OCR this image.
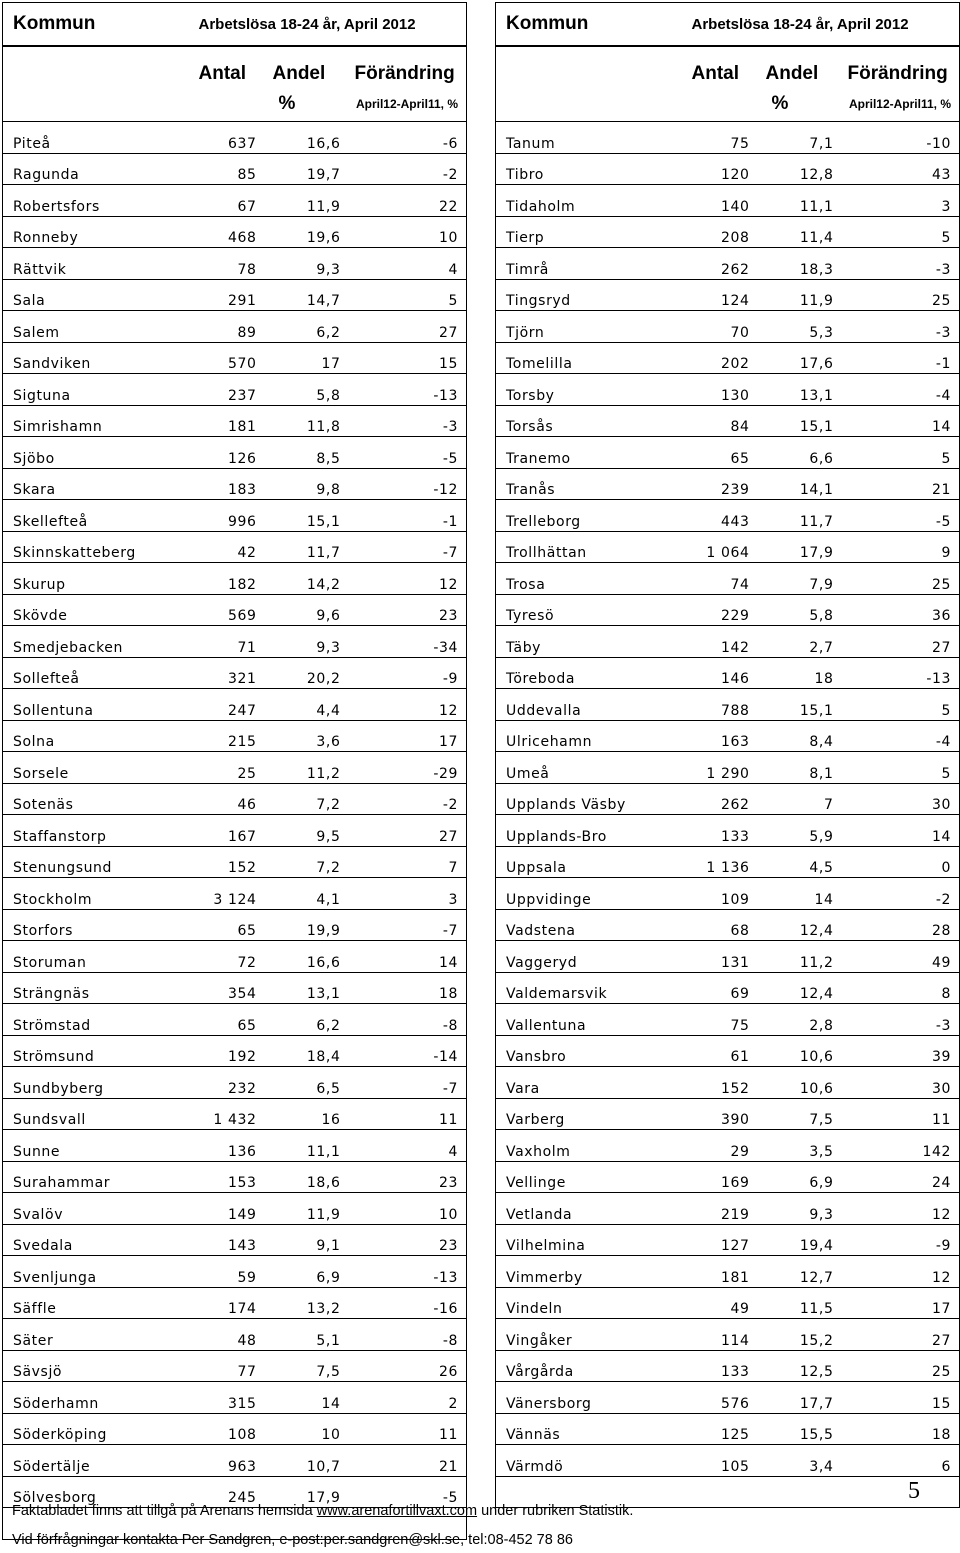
Kommun	Arbetslösa 18-24 år, April 2012		
	Antal	Andel	Förändring
		%	April12-April11, %
Piteå	637	16,6	-6
Ragunda	85	19,7	-2
Robertsfors	67	11,9	22
Ronneby	468	19,6	10
Rättvik	78	9,3	4
Sala	291	14,7	5
Salem	89	6,2	27
Sandviken	570	17	15
Sigtuna	237	5,8	-13
Simrishamn	181	11,8	-3
Sjöbo	126	8,5	-5
Skara	183	9,8	-12
Skellefteå	996	15,1	-1
Skinnskatteberg	42	11,7	-7
Skurup	182	14,2	12
Skövde	569	9,6	23
Smedjebacken	71	9,3	-34
Sollefteå	321	20,2	-9
Sollentuna	247	4,4	12
Solna	215	3,6	17
Sorsele	25	11,2	-29
Sotenäs	46	7,2	-2
Staffanstorp	167	9,5	27
Stenungsund	152	7,2	7
Stockholm	3 124	4,1	3
Storfors	65	19,9	-7
Storuman	72	16,6	14
Strängnäs	354	13,1	18
Strömstad	65	6,2	-8
Strömsund	192	18,4	-14
Sundbyberg	232	6,5	-7
Sundsvall	1 432	16	11
Sunne	136	11,1	4
Surahammar	153	18,6	23
Svalöv	149	11,9	10
Svedala	143	9,1	23
Svenljunga	59	6,9	-13
Säffle	174	13,2	-16
Säter	48	5,1	-8
Sävsjö	77	7,5	26
Söderhamn	315	14	2
Söderköping	108	10	11
Södertälje	963	10,7	21
Sölvesborg	245	17,9	-5

Kommun	Arbetslösa 18-24 år, April 2012		
	Antal	Andel	Förändring
		%	April12-April11, %
Tanum	75	7,1	-10
Tibro	120	12,8	43
Tidaholm	140	11,1	3
Tierp	208	11,4	5
Timrå	262	18,3	-3
Tingsryd	124	11,9	25
Tjörn	70	5,3	-3
Tomelilla	202	17,6	-1
Torsby	130	13,1	-4
Torsås	84	15,1	14
Tranemo	65	6,6	5
Tranås	239	14,1	21
Trelleborg	443	11,7	-5
Trollhättan	1 064	17,9	9
Trosa	74	7,9	25
Tyresö	229	5,8	36
Täby	142	2,7	27
Töreboda	146	18	-13
Uddevalla	788	15,1	5
Ulricehamn	163	8,4	-4
Umeå	1 290	8,1	5
Upplands Väsby	262	7	30
Upplands-Bro	133	5,9	14
Uppsala	1 136	4,5	0
Uppvidinge	109	14	-2
Vadstena	68	12,4	28
Vaggeryd	131	11,2	49
Valdemarsvik	69	12,4	8
Vallentuna	75	2,8	-3
Vansbro	61	10,6	39
Vara	152	10,6	30
Varberg	390	7,5	11
Vaxholm	29	3,5	142
Vellinge	169	6,9	24
Vetlanda	219	9,3	12
Vilhelmina	127	19,4	-9
Vimmerby	181	12,7	12
Vindeln	49	11,5	17
Vingåker	114	15,2	27
Vårgårda	133	12,5	25
Vänersborg	576	17,7	15
Vännäs	125	15,5	18
Värmdö	105	3,4	6

Faktabladet finns att tillgå på Arenans hemsida www.arenafortillvaxt.com under rubriken Statistik.
Vid förfrågningar kontakta Per Sandgren, e-post:per.sandgren@skl.se, tel:08-452 78 86
5
